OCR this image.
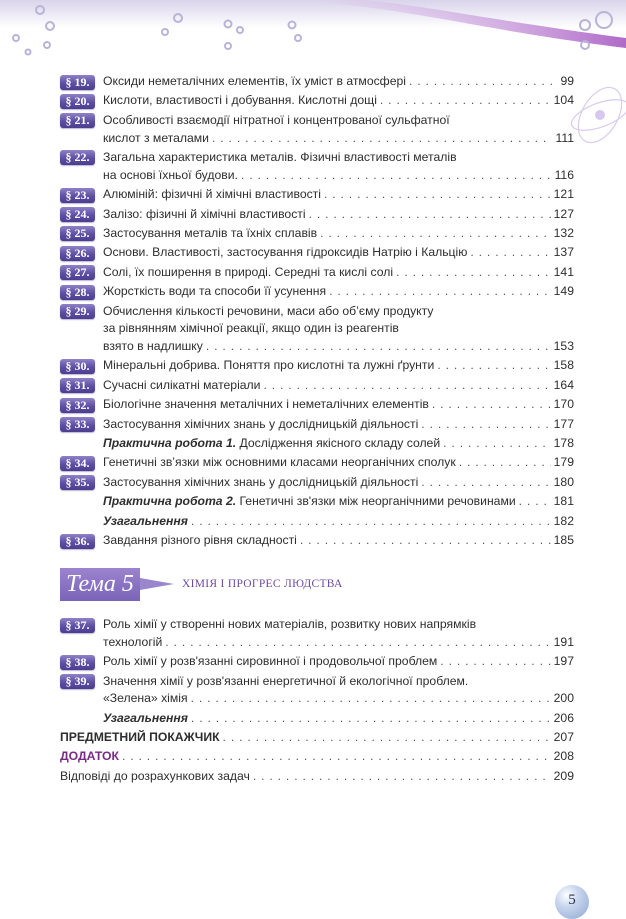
§ 19.	Оксиди неметалічних елементів, їх уміст в атмосфері . . .	99
§ 20.	Кислоти, властивості і добування. Кислотні дощі . . .	104
§ 21.	Особливості взаємодії нітратної і концентрованої сульфатної
кислот з металами . . .	111
§ 22.	Загальна характеристика металів. Фізичні властивості металів
на основі їхньої будови. . . .	116
§ 23.	Алюміній: фізичні й хімічні властивості . . .	121
§ 24.	Залізо: фізичні й хімічні властивості . . .	127
§ 25.	Застосування металів та їхніх сплавів . . .	132
§ 26.	Основи. Властивості, застосування гідроксидів Натрію і Кальцію . . .	137
§ 27.	Солі, їх поширення в природі. Середні та кислі солі . . .	141
§ 28.	Жорсткість води та способи її усунення . . .	149
§ 29.	Обчислення кількості речовини, маси або об’єму продукту
за рівнянням хімічної реакції, якщо один із реагентів
взято в надлишку . . .	153
§ 30.	Мінеральні добрива. Поняття про кислотні та лужні ґрунти . . .	158
§ 31.	Сучасні силікатні матеріали . . .	164
§ 32.	Біологічне значення металічних і неметалічних елементів . . .	170
§ 33.	Застосування хімічних знань у дослідницькій діяльності . . .	177
Практична робота 1. Дослідження якісного складу солей . . .	178
§ 34.	Генетичні зв’язки між основними класами неорганічних сполук . . .	179
§ 35.	Застосування хімічних знань у дослідницькій діяльності . . .	180
Практична робота 2. Генетичні зв'язки між неорганічними речовинами . . .	181
Узагальнення . . .	182
§ 36.	Завдання різного рівня складності . . .	185
Тема 5	ХІМІЯ І ПРОГРЕС ЛЮДСТВА
§ 37.	Роль хімії у створенні нових матеріалів, розвитку нових напрямків
технологій . . .	191
§ 38.	Роль хімії у розв'язанні сировинної і продовольчої проблем . . .	197
§ 39.	Значення хімії у розв'язанні енергетичної й екологічної проблем.
«Зелена» хімія . . .	200
Узагальнення . . .	206
ПРЕДМЕТНИЙ ПОКАЖЧИК . . .	207
ДОДАТОК . . .	208
Відповіді до розрахункових задач . . .	209
5
